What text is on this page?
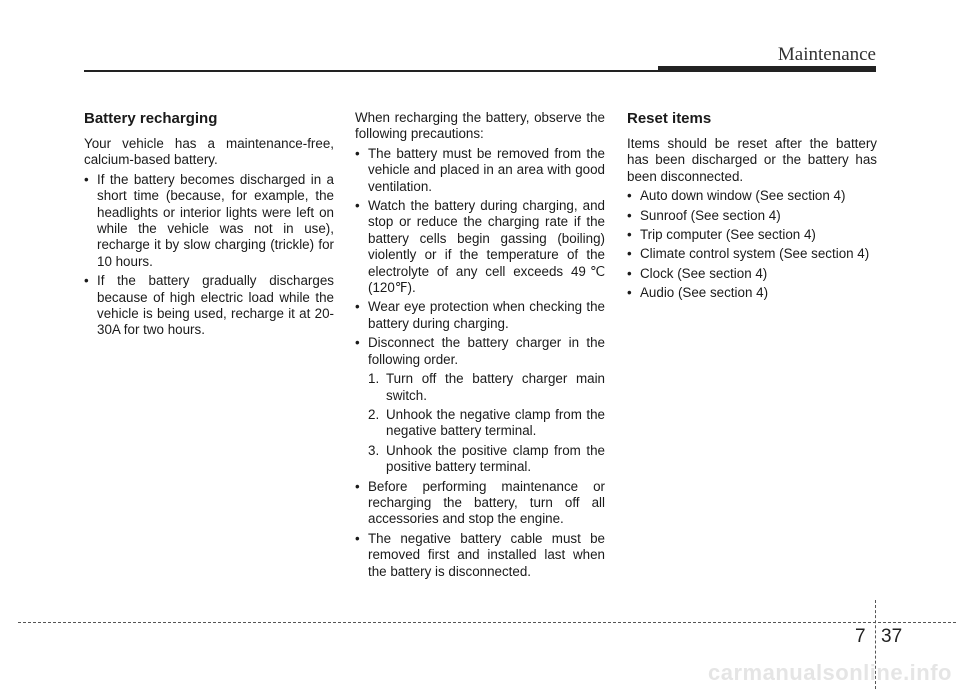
Maintenance
Battery recharging

Your vehicle has a maintenance-free, calcium-based battery.

• If the battery becomes discharged in a short time (because, for example, the headlights or interior lights were left on while the vehicle was not in use), recharge it by slow charging (trickle) for 10 hours.
• If the battery gradually discharges because of high electric load while the vehicle is being used, recharge it at 20-30A for two hours.

When recharging the battery, observe the following precautions:

• The battery must be removed from the vehicle and placed in an area with good ventilation.
• Watch the battery during charging, and stop or reduce the charging rate if the battery cells begin gassing (boiling) violently or if the temperature of the electrolyte of any cell exceeds 49℃ (120℉).
• Wear eye protection when checking the battery during charging.
• Disconnect the battery charger in the following order.
1. Turn off the battery charger main switch.
2. Unhook the negative clamp from the negative battery terminal.
3. Unhook the positive clamp from the positive battery terminal.
• Before performing maintenance or recharging the battery, turn off all accessories and stop the engine.
• The negative battery cable must be removed first and installed last when the battery is disconnected.
Reset items

Items should be reset after the battery has been discharged or the battery has been disconnected.

• Auto down window (See section 4)
• Sunroof (See section 4)
• Trip computer (See section 4)
• Climate control system (See section 4)
• Clock (See section 4)
• Audio (See section 4)
7 37
carmanualsonline.info
